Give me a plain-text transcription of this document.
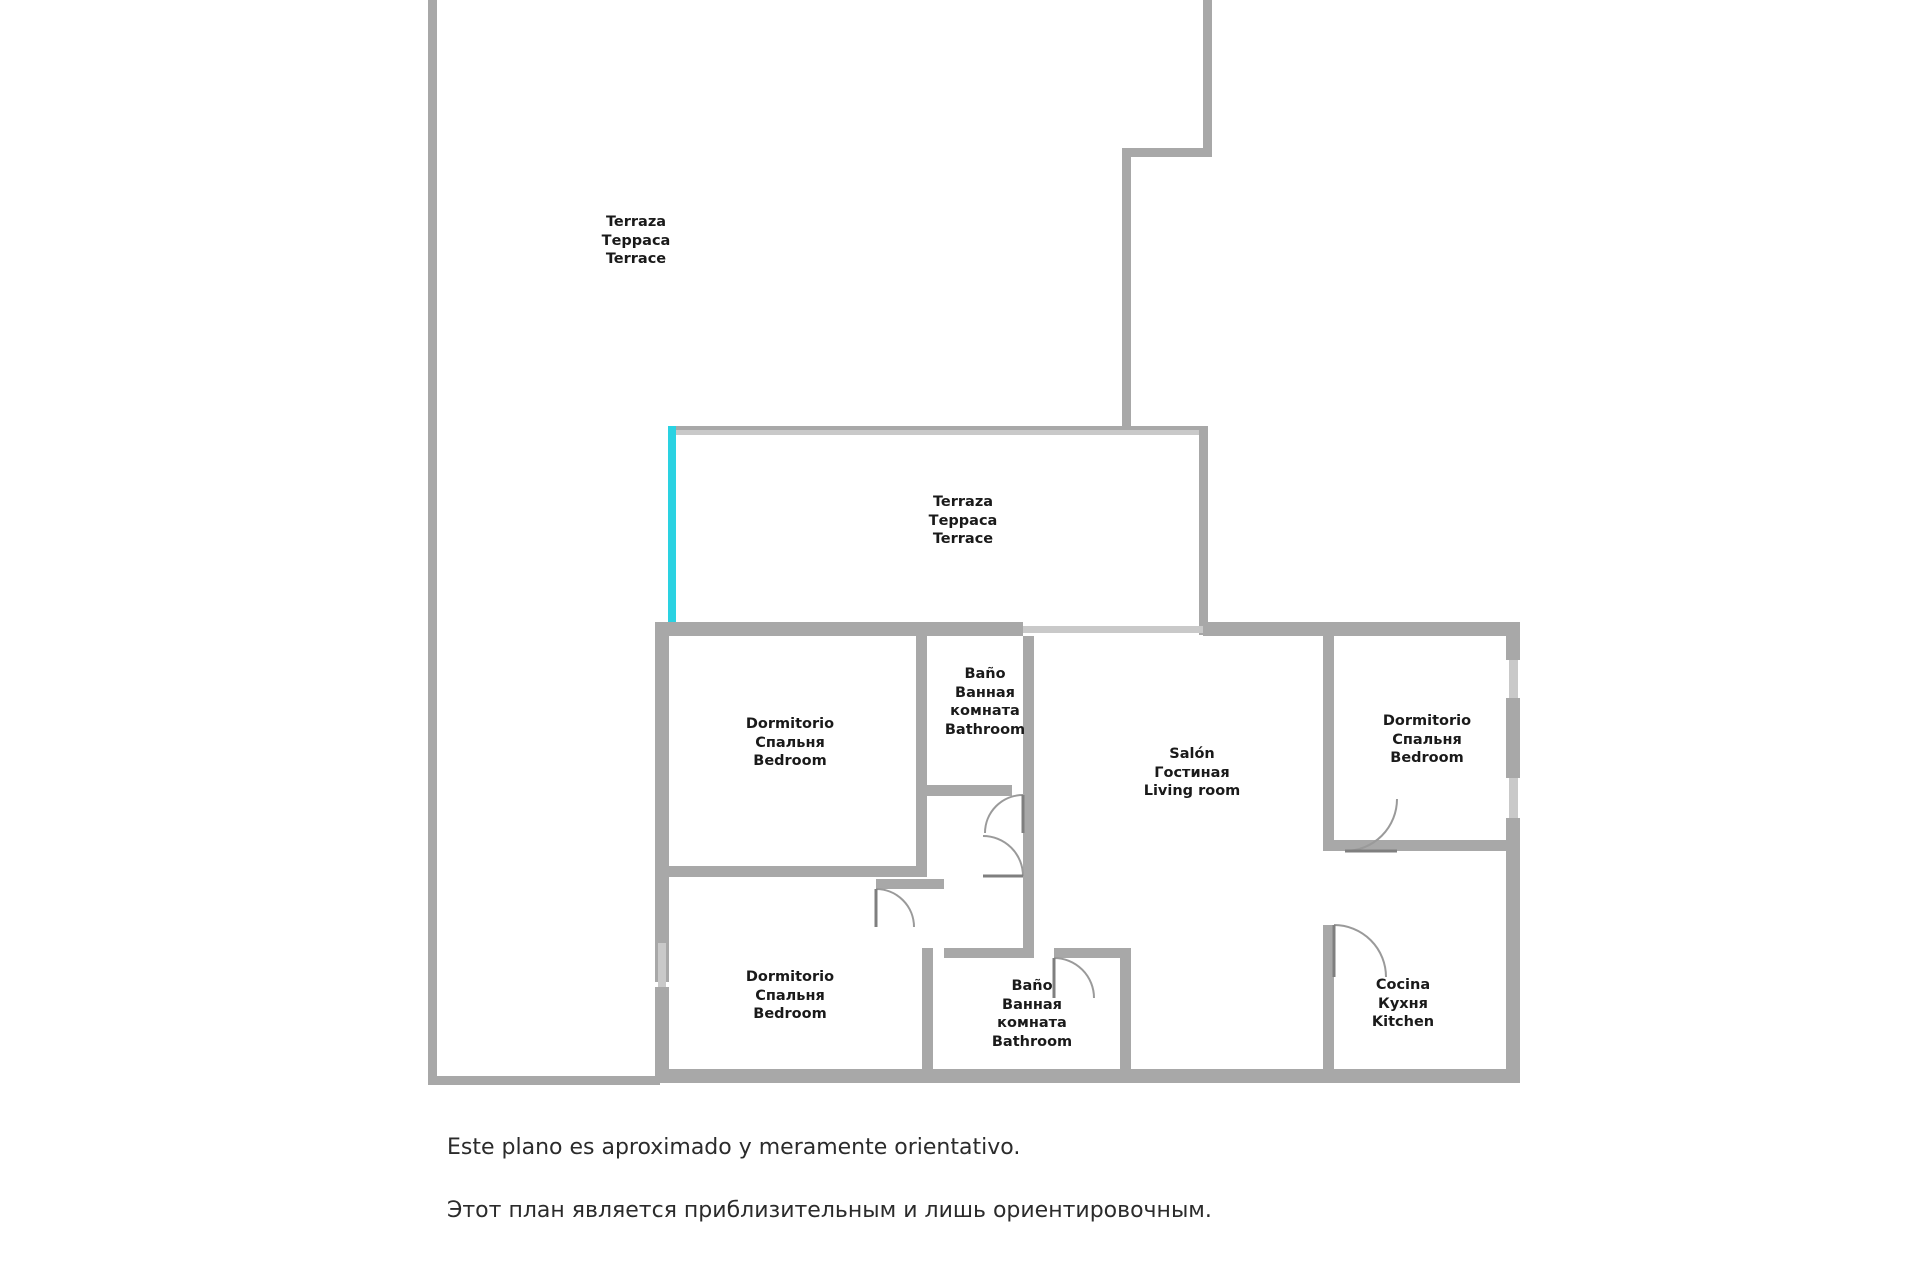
Terraza
Терраса
Terrace
Terraza
Терраса
Terrace
Dormitorio
Спальня
Bedroom
Baño
Ванная
комната
Bathroom
Salón
Гостиная
Living room
Dormitorio
Спальня
Bedroom
Dormitorio
Спальня
Bedroom
Baño
Ванная
комната
Bathroom
Cocina
Кухня
Kitchen
Este plano es aproximado y meramente orientativo.
Этот план является приблизительным и лишь ориентировочным.
